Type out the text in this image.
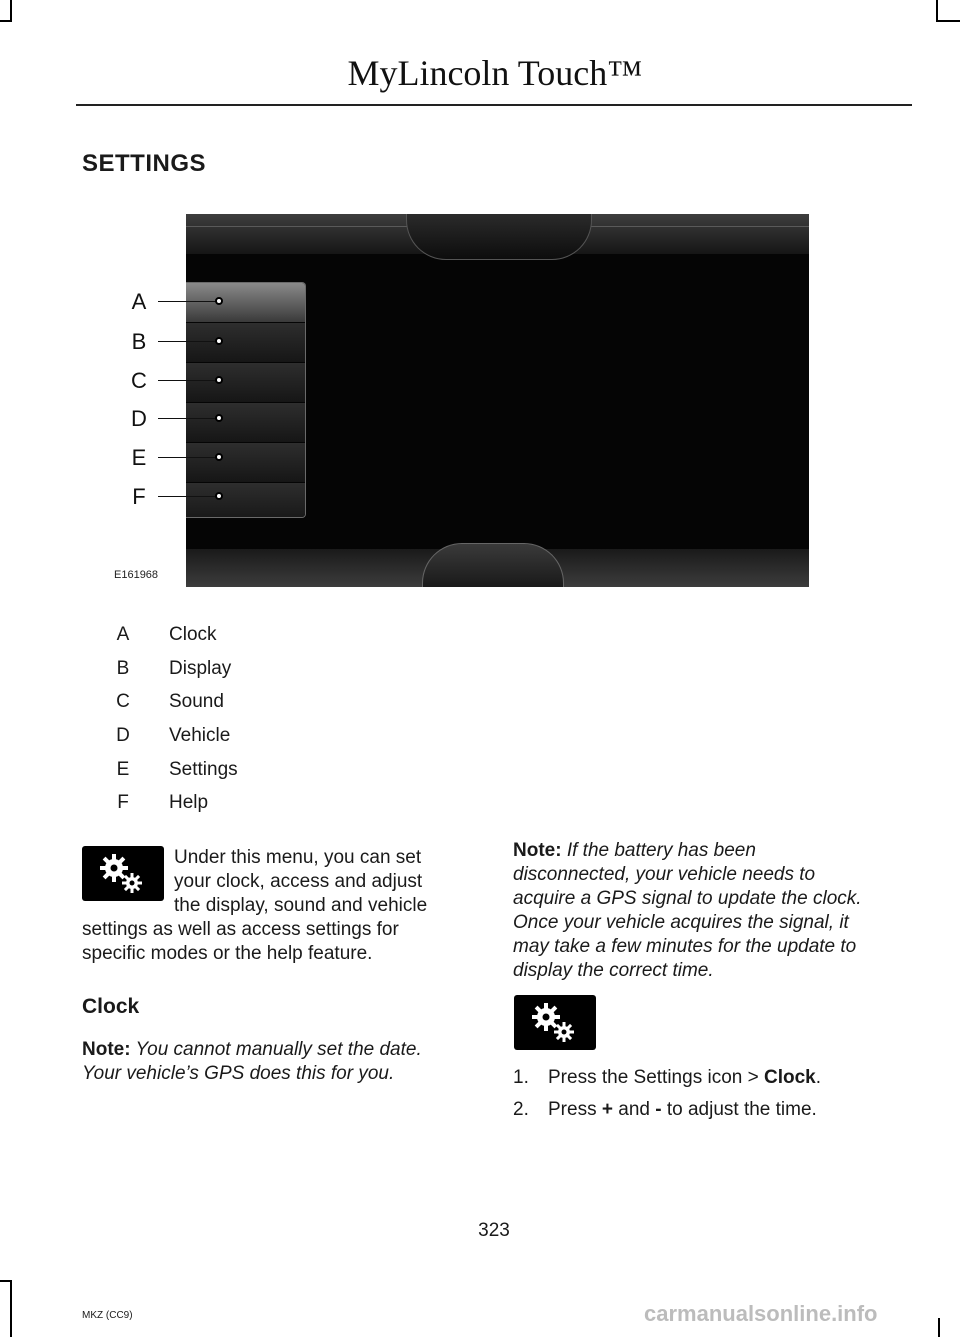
MyLincoln Touch™
SETTINGS
A
B
C
D
E
F
E161968
A Clock
B Display
C Sound
D Vehicle
E Settings
F Help
Under this menu, you can set
your clock, access and adjust
the display, sound and vehicle
settings as well as access settings for
specific modes or the help feature.
Clock
Note: You cannot manually set the date.
Your vehicle’s GPS does this for you.
Note: If the battery has been
disconnected, your vehicle needs to
acquire a GPS signal to update the clock.
Once your vehicle acquires the signal, it
may take a few minutes for the update to
display the correct time.
1. Press the Settings icon > Clock.
2. Press + and - to adjust the time.
323
MKZ (CC9)	carmanualsonline.info
